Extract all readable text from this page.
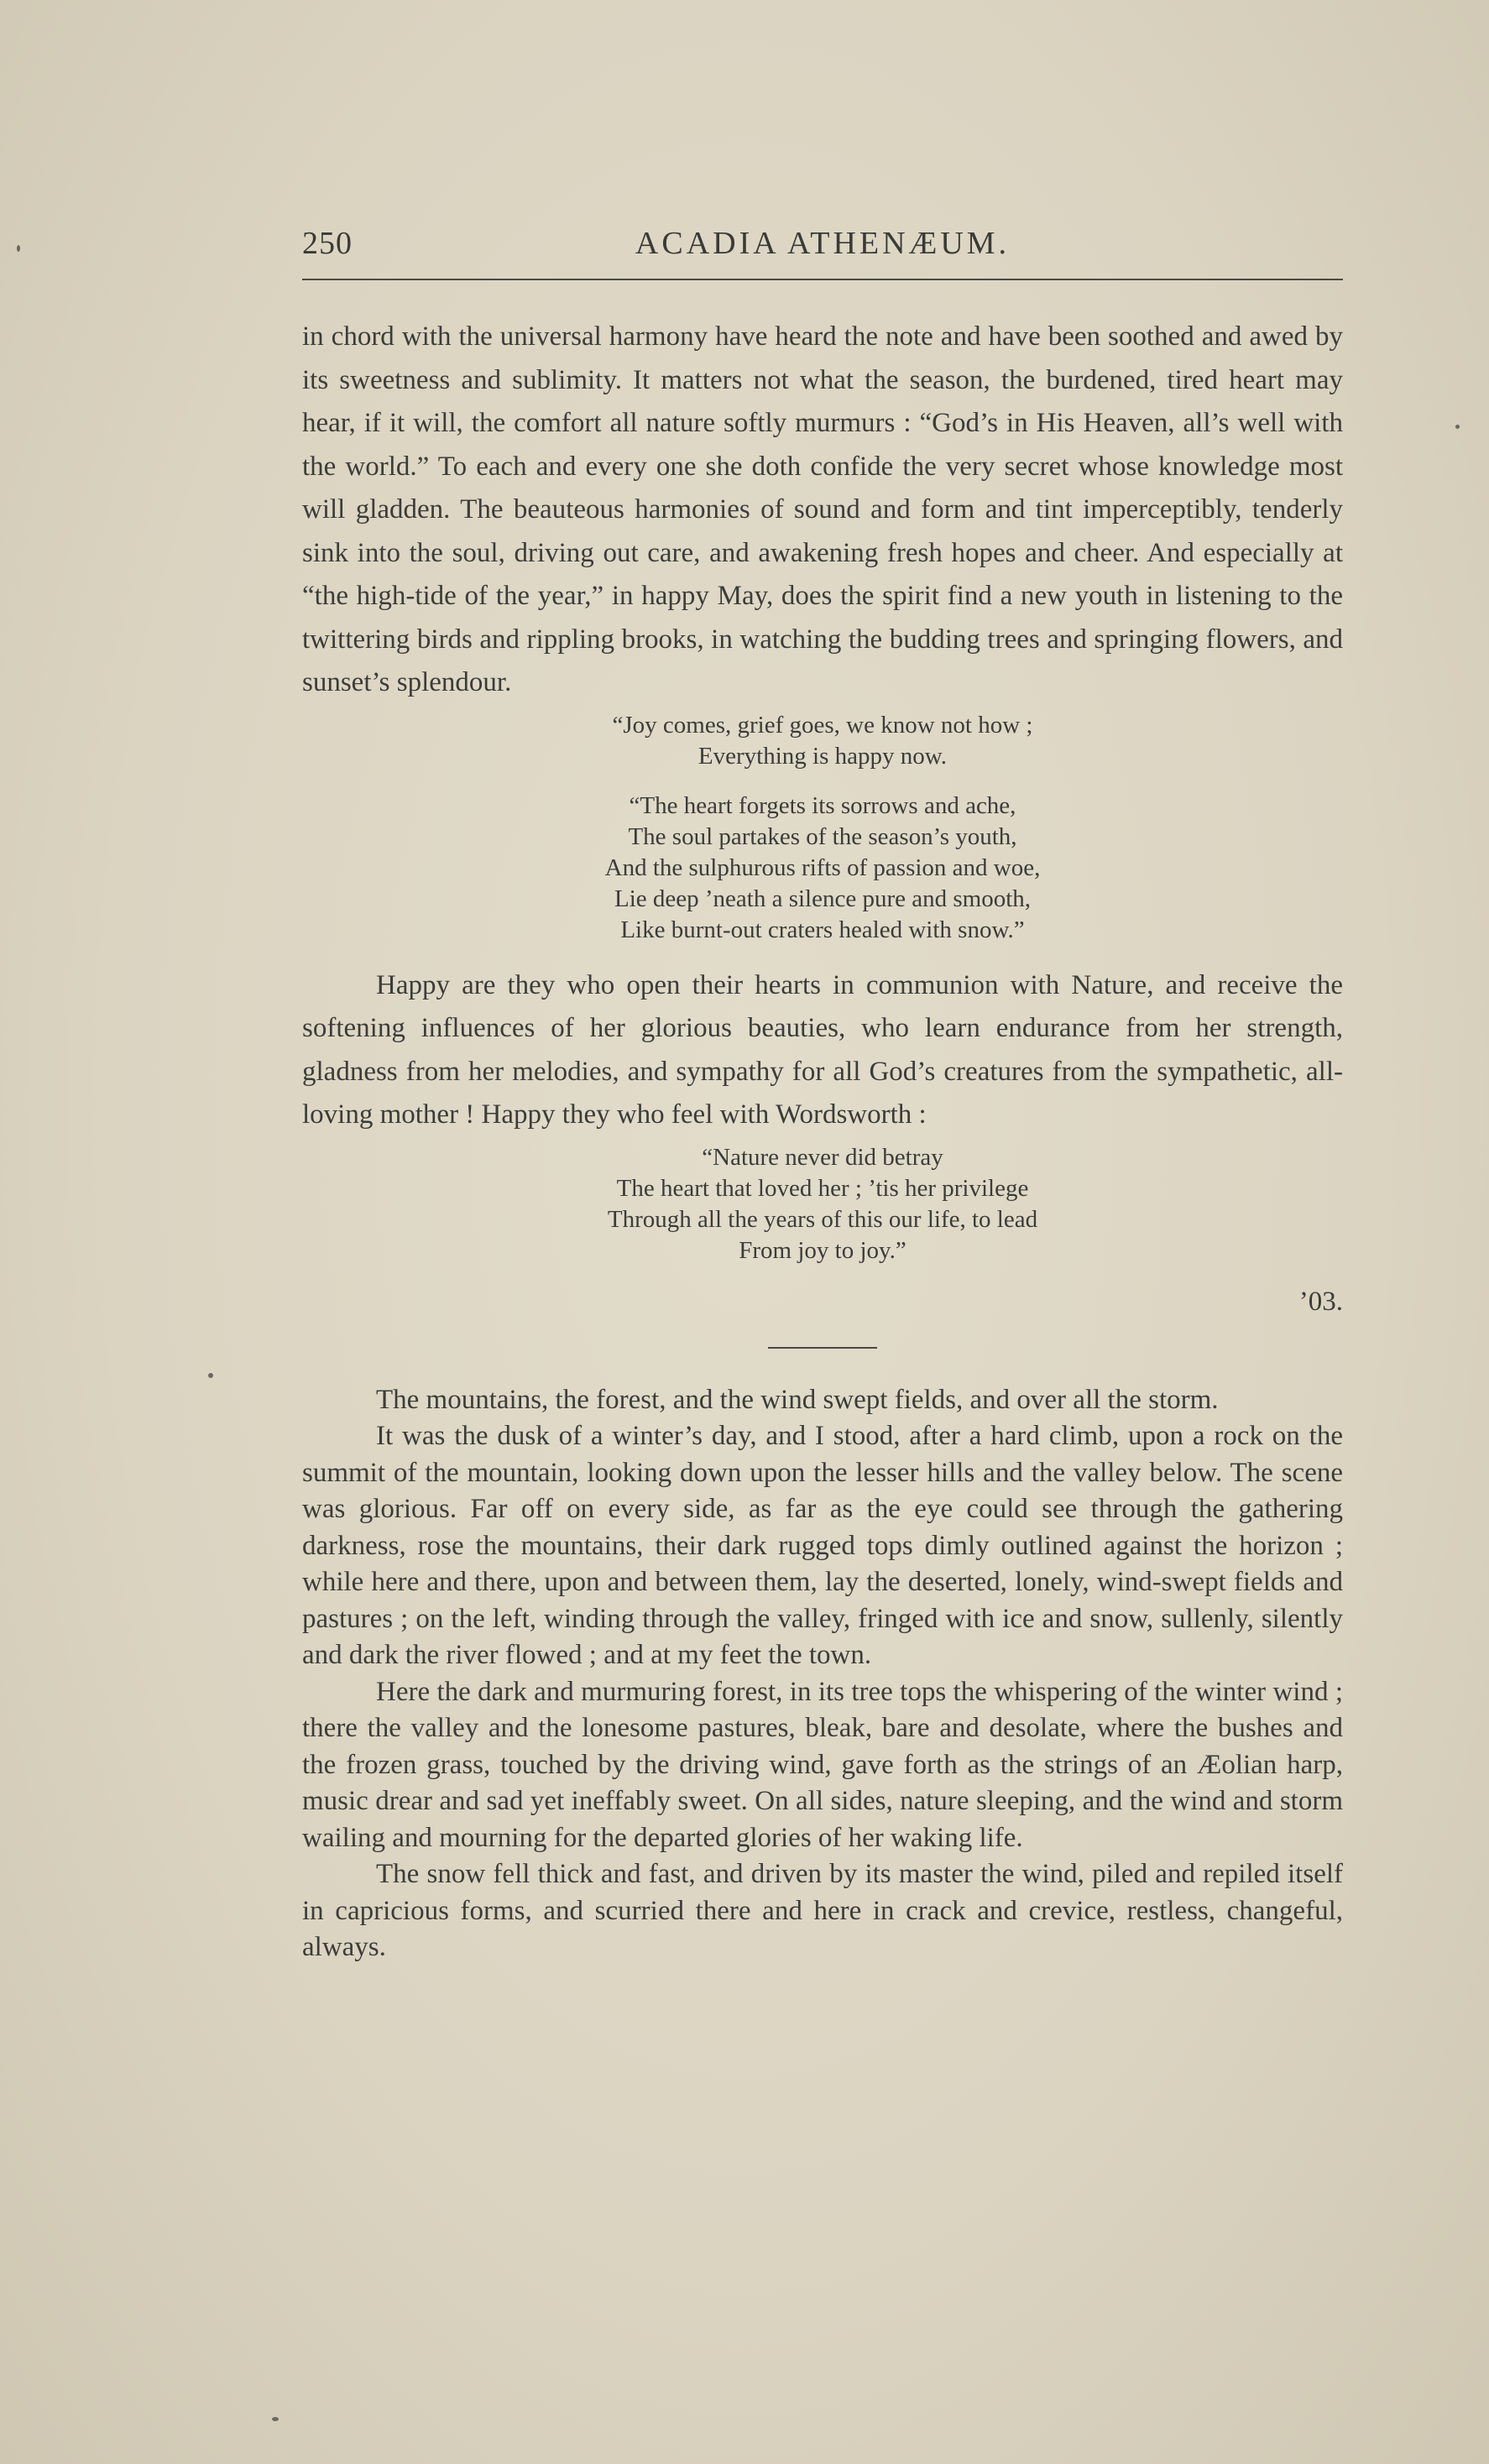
250	ACADIA ATHENÆUM.

in chord with the universal harmony have heard the note and have been soothed and awed by its sweetness and sublimity. It matters not what the season, the burdened, tired heart may hear, if it will, the comfort all nature softly murmurs : “God’s in His Heaven, all’s well with the world.” To each and every one she doth confide the very secret whose knowledge most will gladden. The beauteous harmonies of sound and form and tint imperceptibly, tenderly sink into the soul, driving out care, and awakening fresh hopes and cheer. And especially at “the high-tide of the year,” in happy May, does the spirit find a new youth in listening to the twittering birds and rippling brooks, in watching the budding trees and springing flowers, and sunset’s splendour.

“Joy comes, grief goes, we know not how ;
Everything is happy now.
“The heart forgets its sorrows and ache,
The soul partakes of the season’s youth,
And the sulphurous rifts of passion and woe,
Lie deep ’neath a silence pure and smooth,
Like burnt-out craters healed with snow.”

Happy are they who open their hearts in communion with Nature, and receive the softening influences of her glorious beauties, who learn endurance from her strength, gladness from her melodies, and sympathy for all God’s creatures from the sympathetic, all-loving mother ! Happy they who feel with Wordsworth :

“Nature never did betray
The heart that loved her ; ’tis her privilege
Through all the years of this our life, to lead
From joy to joy.”

’03.

The mountains, the forest, and the wind swept fields, and over all the storm.

It was the dusk of a winter’s day, and I stood, after a hard climb, upon a rock on the summit of the mountain, looking down upon the lesser hills and the valley below. The scene was glorious. Far off on every side, as far as the eye could see through the gathering darkness, rose the mountains, their dark rugged tops dimly outlined against the horizon ; while here and there, upon and between them, lay the deserted, lonely, wind-swept fields and pastures ; on the left, winding through the valley, fringed with ice and snow, sullenly, silently and dark the river flowed ; and at my feet the town.

Here the dark and murmuring forest, in its tree tops the whispering of the winter wind ; there the valley and the lonesome pastures, bleak, bare and desolate, where the bushes and the frozen grass, touched by the driving wind, gave forth as the strings of an Æolian harp, music drear and sad yet ineffably sweet. On all sides, nature sleeping, and the wind and storm wailing and mourning for the departed glories of her waking life.

The snow fell thick and fast, and driven by its master the wind, piled and repiled itself in capricious forms, and scurried there and here in crack and crevice, restless, changeful, always.
